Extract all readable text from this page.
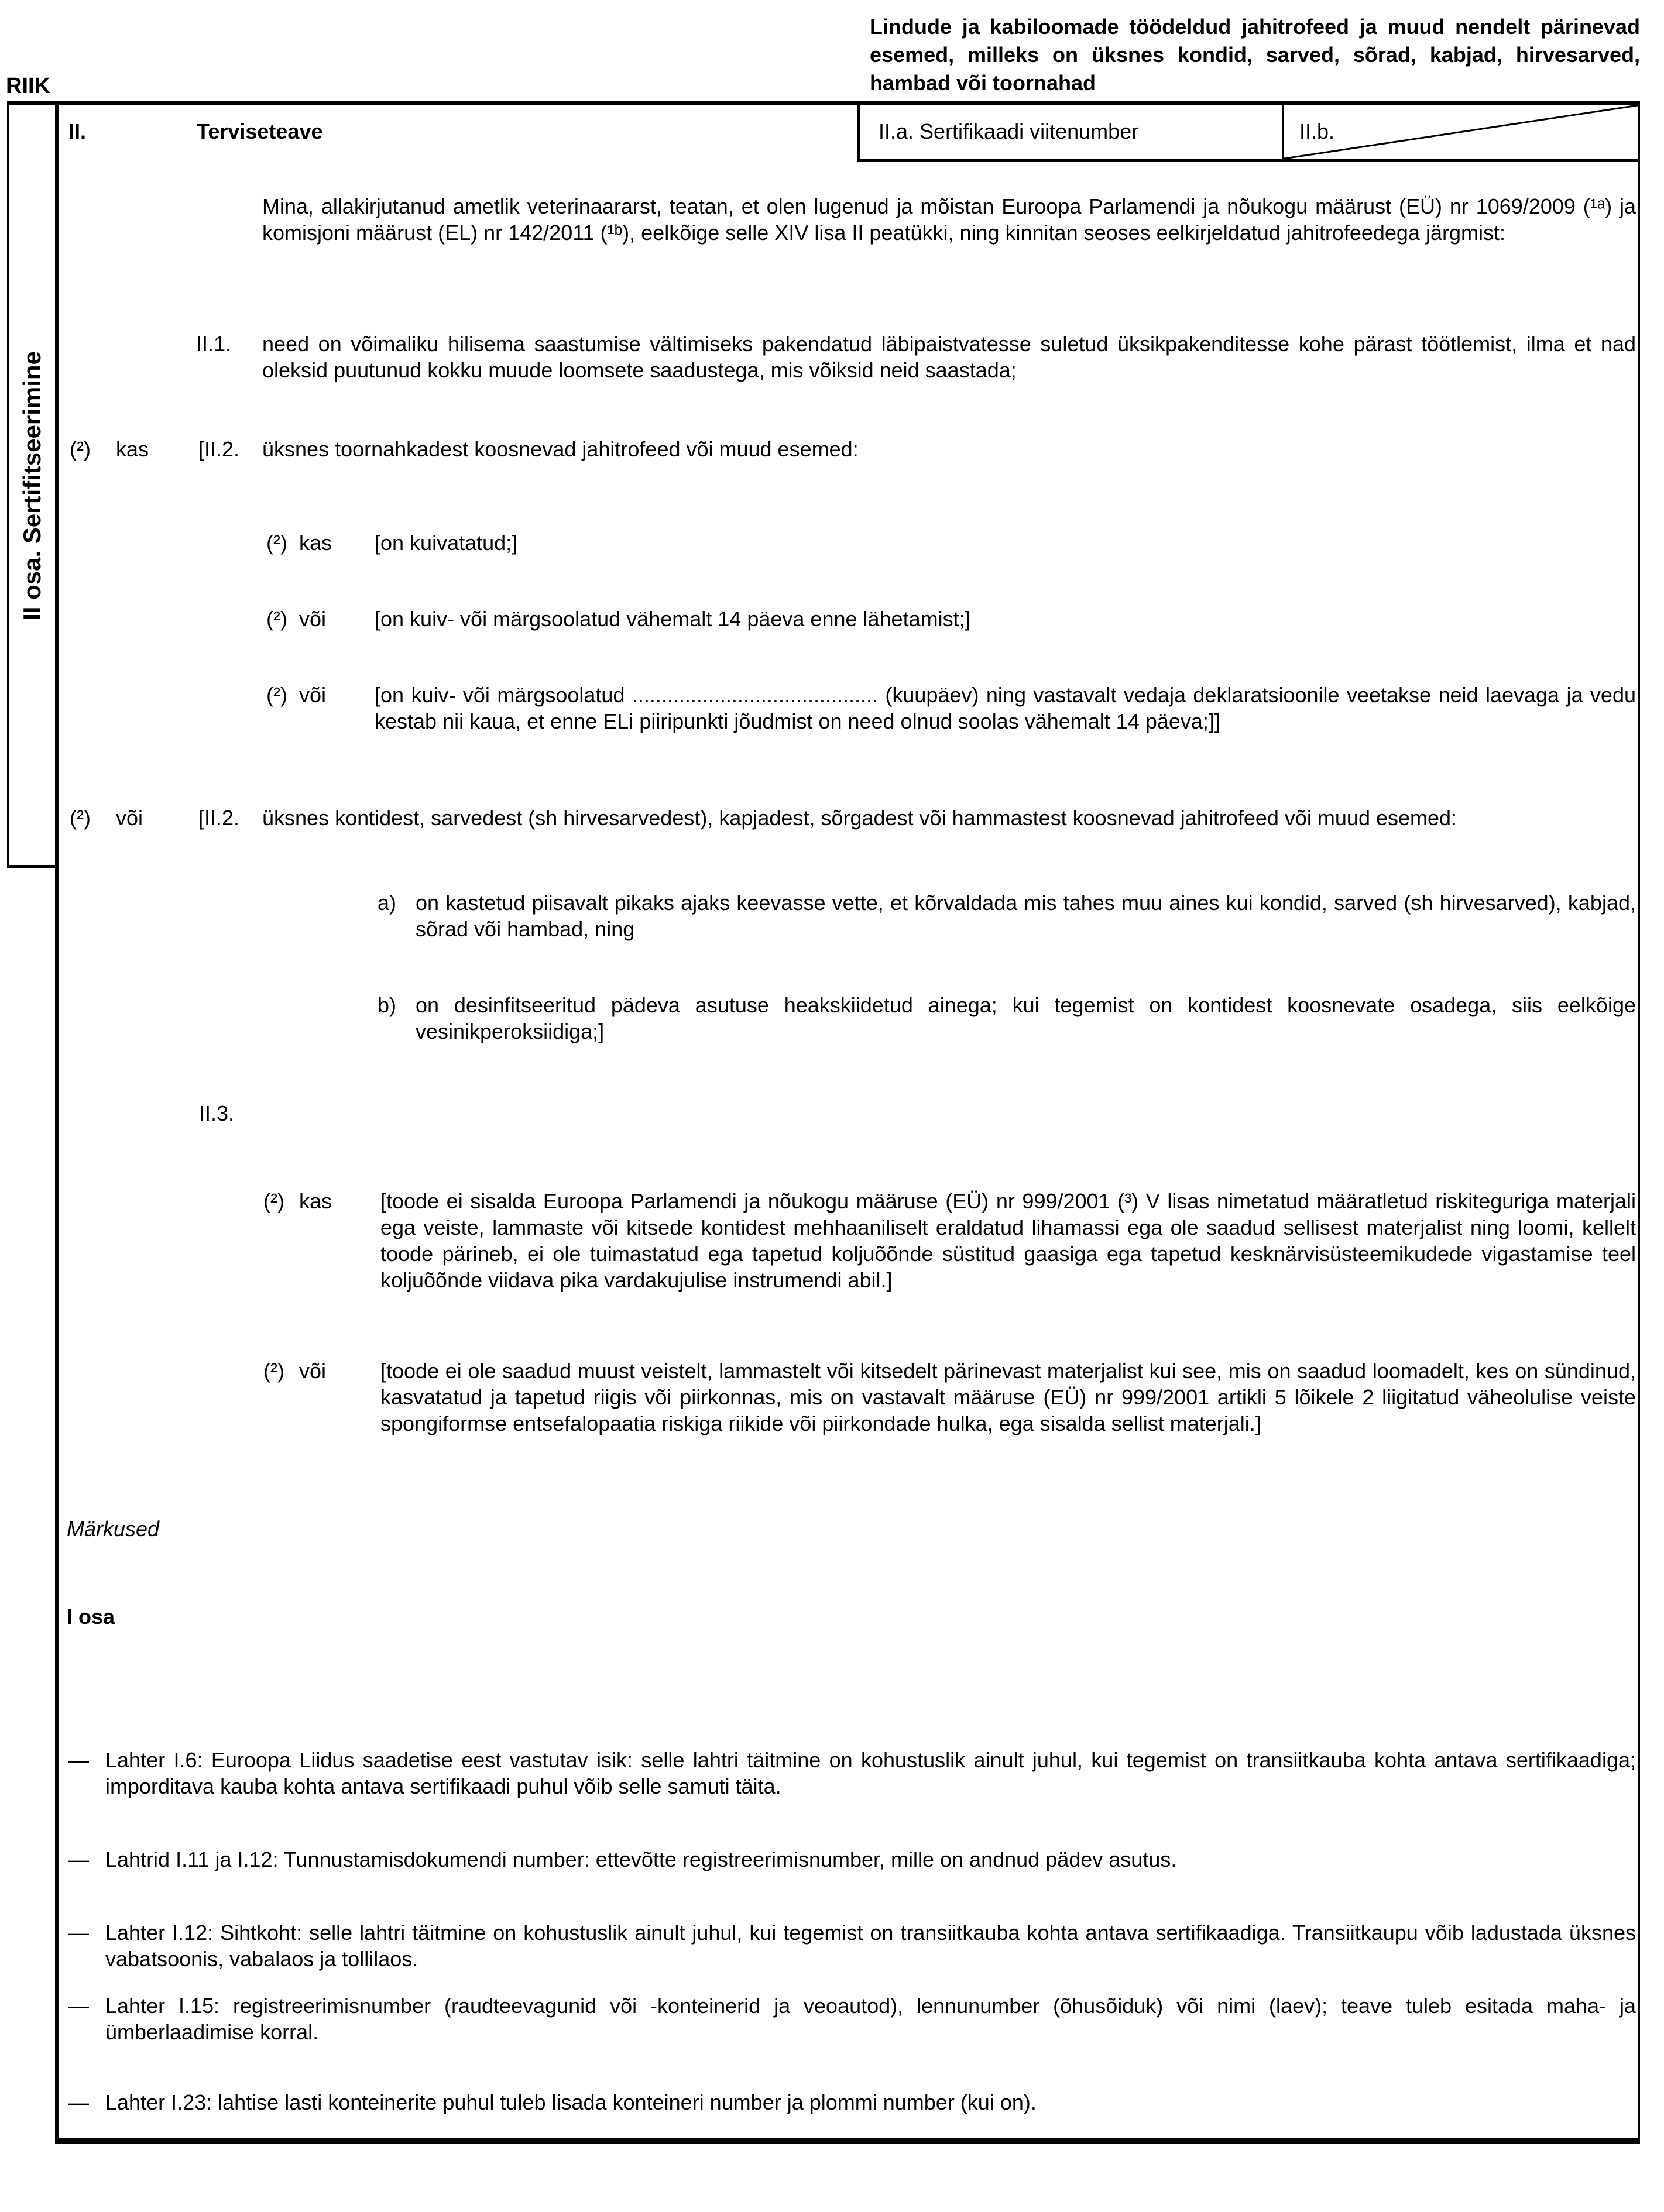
RIIK
Lindude ja kabiloomade töödeldud jahitrofeed ja muud nendelt pärinevad esemed, milleks on üksnes kondid, sarved, sõrad, kabjad, hirvesarved, hambad või toornahad
II osa. Sertifitseerimine
II.	Terviseteave	II.a. Sertifikaadi viitenumber	II.b.
Mina, allakirjutanud ametlik veterinaararst, teatan, et olen lugenud ja mõistan Euroopa Parlamendi ja nõukogu määrust (EÜ) nr 1069/2009 (¹ᵃ) ja komisjoni määrust (EL) nr 142/2011 (¹ᵇ), eelkõige selle XIV lisa II peatükki, ning kinnitan seoses eelkirjeldatud jahitrofeedega järgmist:
II.1. need on võimaliku hilisema saastumise vältimiseks pakendatud läbipaistvatesse suletud üksikpakenditesse kohe pärast töötlemist, ilma et nad oleksid puutunud kokku muude loomsete saadustega, mis võiksid neid saastada;
(²) kas [II.2. üksnes toornahkadest koosnevad jahitrofeed või muud esemed:
(²) kas [on kuivatatud;]
(²) või [on kuiv- või märgsoolatud vähemalt 14 päeva enne lähetamist;]
(²) või [on kuiv- või märgsoolatud .......................................... (kuupäev) ning vastavalt vedaja deklaratsioonile veetakse neid laevaga ja vedu kestab nii kaua, et enne ELi piiripunkti jõudmist on need olnud soolas vähemalt 14 päeva;]]
(²) või	[II.2. üksnes kontidest, sarvedest (sh hirvesarvedest), kapjadest, sõrgadest või hammastest koosnevad jahitrofeed või muud esemed:
a) on kastetud piisavalt pikaks ajaks keevasse vette, et kõrvaldada mis tahes muu aines kui kondid, sarved (sh hirvesarved), kabjad, sõrad või hambad, ning
b) on desinfitseeritud pädeva asutuse heakskiidetud ainega; kui tegemist on kontidest koosnevate osadega, siis eelkõige vesinikperoksiidiga;]
II.3.
(²) kas [toode ei sisalda Euroopa Parlamendi ja nõukogu määruse (EÜ) nr 999/2001 (³) V lisas nimetatud määratletud riskiteguriga materjali ega veiste, lammaste või kitsede kontidest mehhaaniliselt eraldatud lihamassi ega ole saadud sellisest materjalist ning loomi, kellelt toode pärineb, ei ole tuimastatud ega tapetud koljuõõnde süstitud gaasiga ega tapetud kesknärvisüsteemikudede vigastamise teel koljuõõnde viidava pika vardakujulise instrumendi abil.]
(²) või	[toode ei ole saadud muust veistelt, lammastelt või kitsedelt pärinevast materjalist kui see, mis on saadud loomadelt, kes on sündinud, kasvatatud ja tapetud riigis või piirkonnas, mis on vastavalt määruse (EÜ) nr 999/2001 artikli 5 lõikele 2 liigitatud väheolulise veiste spongiformse entsefalopaatia riskiga riikide või piirkondade hulka, ega sisalda sellist materjali.]
Märkused
I osa
— Lahter I.6: Euroopa Liidus saadetise eest vastutav isik: selle lahtri täitmine on kohustuslik ainult juhul, kui tegemist on transiitkauba kohta antava sertifikaadiga; imporditava kauba kohta antava sertifikaadi puhul võib selle samuti täita.
— Lahtrid I.11 ja I.12: Tunnustamisdokumendi number: ettevõtte registreerimisnumber, mille on andnud pädev asutus.
— Lahter I.12: Sihtkoht: selle lahtri täitmine on kohustuslik ainult juhul, kui tegemist on transiitkauba kohta antava sertifikaadiga. Transiitkaupu võib ladustada üksnes vabatsoonis, vabalaos ja tollilaos.
— Lahter I.15: registreerimisnumber (raudteevagunid või -konteinerid ja veoautod), lennunumber (õhusõiduk) või nimi (laev); teave tuleb esitada maha- ja ümberlaadimise korral.
— Lahter I.23: lahtise lasti konteinerite puhul tuleb lisada konteineri number ja plommi number (kui on).
